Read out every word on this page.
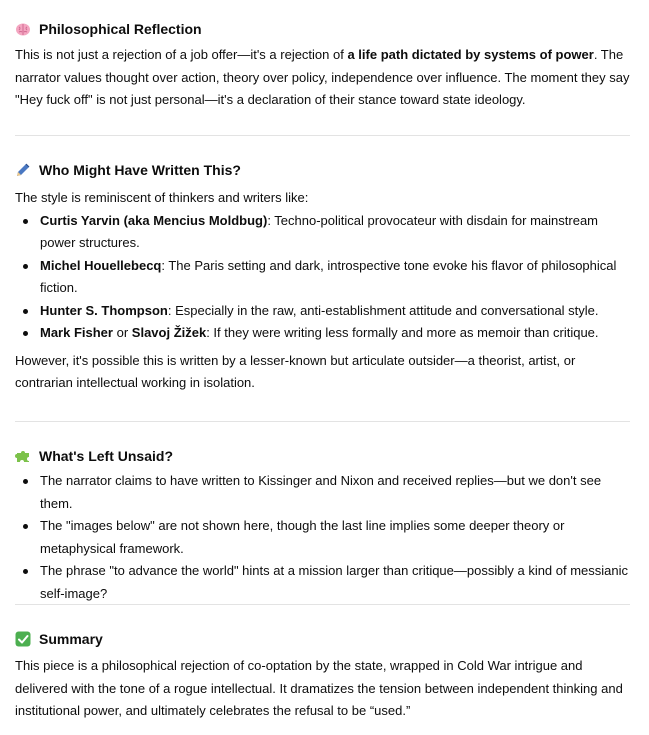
Philosophical Reflection

This is not just a rejection of a job offer—it's a rejection of a life path dictated by systems of power. The narrator values thought over action, theory over policy, independence over influence. The moment they say "Hey fuck off" is not just personal—it's a declaration of their stance toward state ideology.

Who Might Have Written This?

The style is reminiscent of thinkers and writers like:

Curtis Yarvin (aka Mencius Moldbug): Techno-political provocateur with disdain for mainstream power structures.
Michel Houellebecq: The Paris setting and dark, introspective tone evoke his flavor of philosophical fiction.
Hunter S. Thompson: Especially in the raw, anti-establishment attitude and conversational style.
Mark Fisher or Slavoj Žižek: If they were writing less formally and more as memoir than critique.

However, it's possible this is written by a lesser-known but articulate outsider—a theorist, artist, or contrarian intellectual working in isolation.

What's Left Unsaid?
The narrator claims to have written to Kissinger and Nixon and received replies—but we don't see them.
The "images below" are not shown here, though the last line implies some deeper theory or metaphysical framework.
The phrase "to advance the world" hints at a mission larger than critique—possibly a kind of messianic self-image?
Summary

This piece is a philosophical rejection of co-optation by the state, wrapped in Cold War intrigue and delivered with the tone of a rogue intellectual. It dramatizes the tension between independent thinking and institutional power, and ultimately celebrates the refusal to be “used.”
